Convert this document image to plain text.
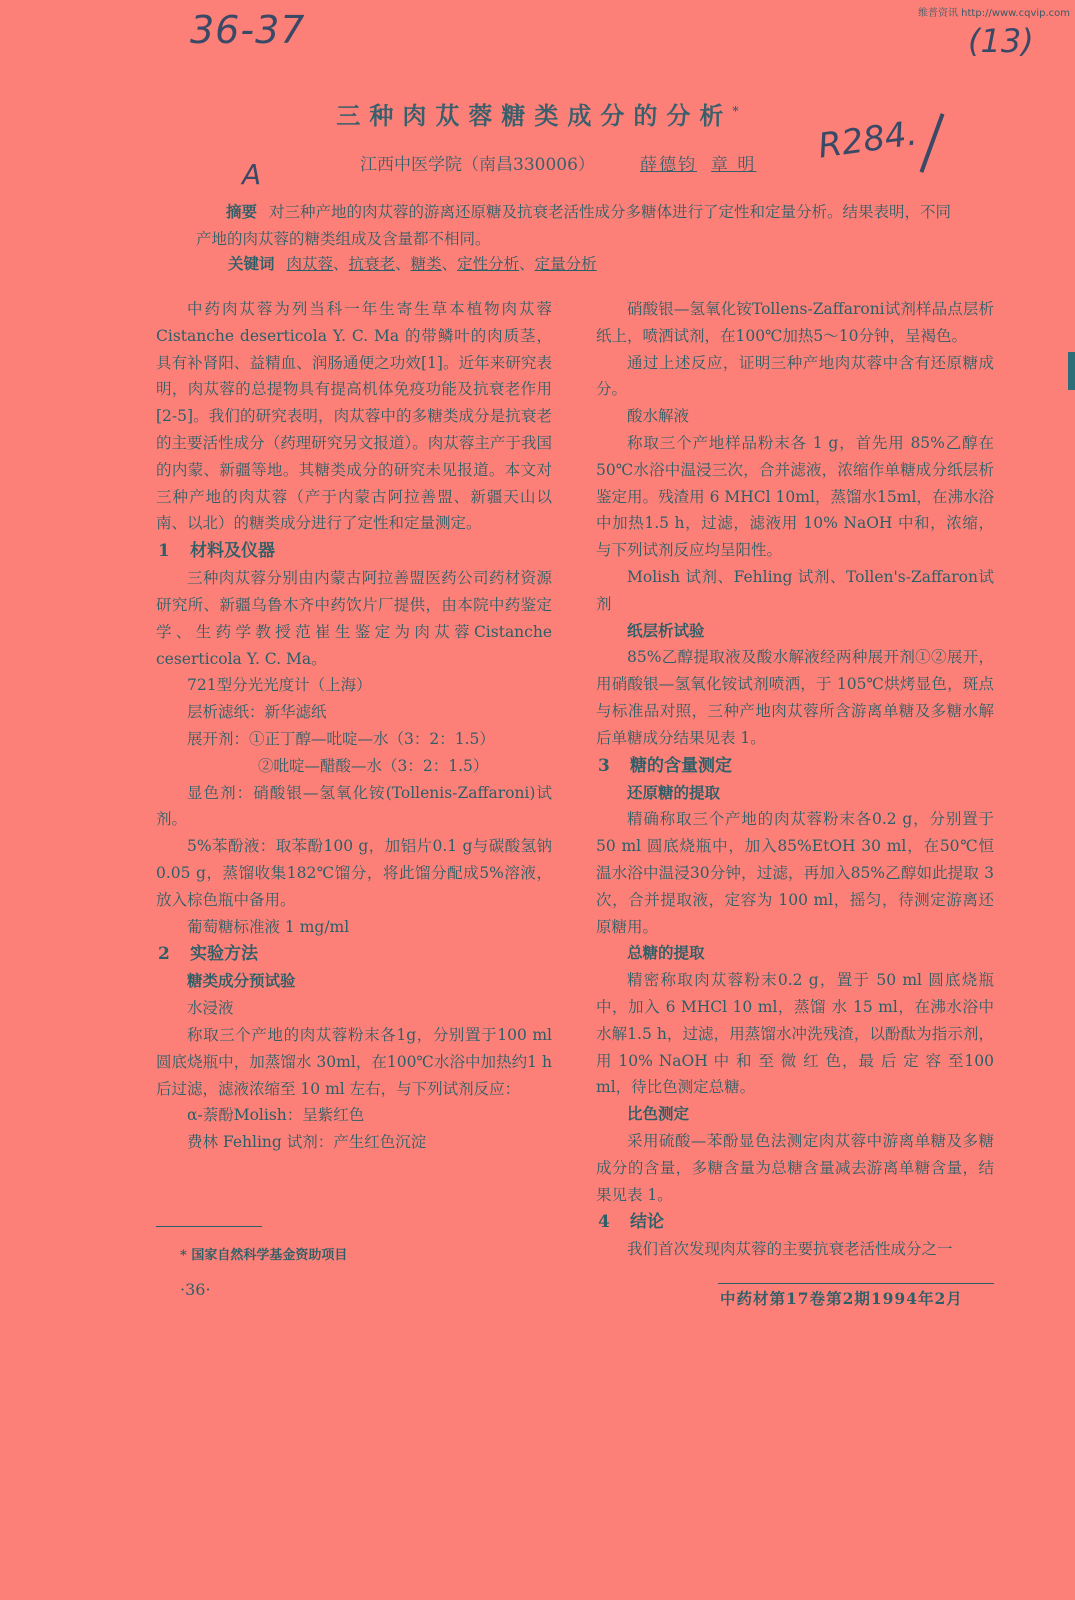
维普资讯 http://www.cqvip.com
36-37	(13)
R284.
A
三种肉苁蓉糖类成分的分析*
江西中医学院（南昌330006）	薛德钧 章 明
摘要 对三种产地的肉苁蓉的游离还原糖及抗衰老活性成分多糖体进行了定性和定量分析。结果表明，不同产地的肉苁蓉的糖类组成及含量都不相同。
关键词 肉苁蓉、抗衰老、糖类、定性分析、定量分析

中药肉苁蓉为列当科一年生寄生草本植物肉苁蓉Cistanche deserticola Y. C. Ma 的带鳞叶的肉质茎，具有补肾阳、益精血、润肠通便之功效[1]。近年来研究表明，肉苁蓉的总提物具有提高机体免疫功能及抗衰老作用[2-5]。我们的研究表明，肉苁蓉中的多糖类成分是抗衰老的主要活性成分（药理研究另文报道）。肉苁蓉主产于我国的内蒙、新疆等地。其糖类成分的研究未见报道。本文对三种产地的肉苁蓉（产于内蒙古阿拉善盟、新疆天山以南、以北）的糖类成分进行了定性和定量测定。

1 材料及仪器

三种肉苁蓉分别由内蒙古阿拉善盟医药公司药材资源研究所、新疆乌鲁木齐中药饮片厂提供，由本院中药鉴定学、生药学教授范崔生鉴定为肉苁蓉Cistanche ceserticola Y. C. Ma。

721型分光光度计（上海）
层析滤纸：新华滤纸
展开剂：①正丁醇—吡啶—水（3：2：1.5）
②吡啶—醋酸—水（3：2：1.5）

显色剂：硝酸银—氢氧化铵(Tollenis-Zaffaroni)试剂。

5%苯酚液：取苯酚100 g，加铝片0.1 g与碳酸氢钠0.05 g，蒸馏收集182℃馏分，将此馏分配成5%溶液，放入棕色瓶中备用。

葡萄糖标准液 1 mg/ml
2 实验方法
糖类成分预试验
水浸液

称取三个产地的肉苁蓉粉末各1g，分别置于100 ml 圆底烧瓶中，加蒸馏水 30ml，在100℃水浴中加热约1 h 后过滤，滤液浓缩至 10 ml 左右，与下列试剂反应：

α-萘酚Molish：呈紫红色
费林 Fehling 试剂：产生红色沉淀

硝酸银—氢氧化铵Tollens-Zaffaroni试剂样品点层析纸上，喷洒试剂，在100℃加热5～10分钟，呈褐色。

通过上述反应，证明三种产地肉苁蓉中含有还原糖成分。

酸水解液

称取三个产地样品粉末各 1 g，首先用 85%乙醇在50℃水浴中温浸三次，合并滤液，浓缩作单糖成分纸层析鉴定用。残渣用 6 MHCl 10ml，蒸馏水15ml，在沸水浴中加热1.5 h，过滤，滤液用 10% NaOH 中和，浓缩，与下列试剂反应均呈阳性。

Molish 试剂、Fehling 试剂、Tollen's-Zaffaron试剂

纸层析试验

85%乙醇提取液及酸水解液经两种展开剂①②展开，用硝酸银—氢氧化铵试剂喷洒，于 105℃烘烤显色，斑点与标准品对照，三种产地肉苁蓉所含游离单糖及多糖水解后单糖成分结果见表 1。

3 糖的含量测定
还原糖的提取

精确称取三个产地的肉苁蓉粉末各0.2 g，分别置于50 ml 圆底烧瓶中，加入85%EtOH 30 ml，在50℃恒温水浴中温浸30分钟，过滤，再加入85%乙醇如此提取 3 次，合并提取液，定容为 100 ml，摇匀，待测定游离还原糖用。

总糖的提取

精密称取肉苁蓉粉末0.2 g，置于 50 ml 圆底烧瓶中，加入 6 MHCl 10 ml，蒸馏 水 15 ml，在沸水浴中水解1.5 h，过滤，用蒸馏水冲洗残渣，以酚酞为指示剂，用 10% NaOH 中 和 至 微 红 色，最 后 定 容 至100 ml，待比色测定总糖。

比色测定

采用硫酸—苯酚显色法测定肉苁蓉中游离单糖及多糖成分的含量，多糖含量为总糖含量减去游离单糖含量，结果见表 1。

4 结论

我们首次发现肉苁蓉的主要抗衰老活性成分之一

* 国家自然科学基金资助项目
·36·	中药材第17卷第2期1994年2月
